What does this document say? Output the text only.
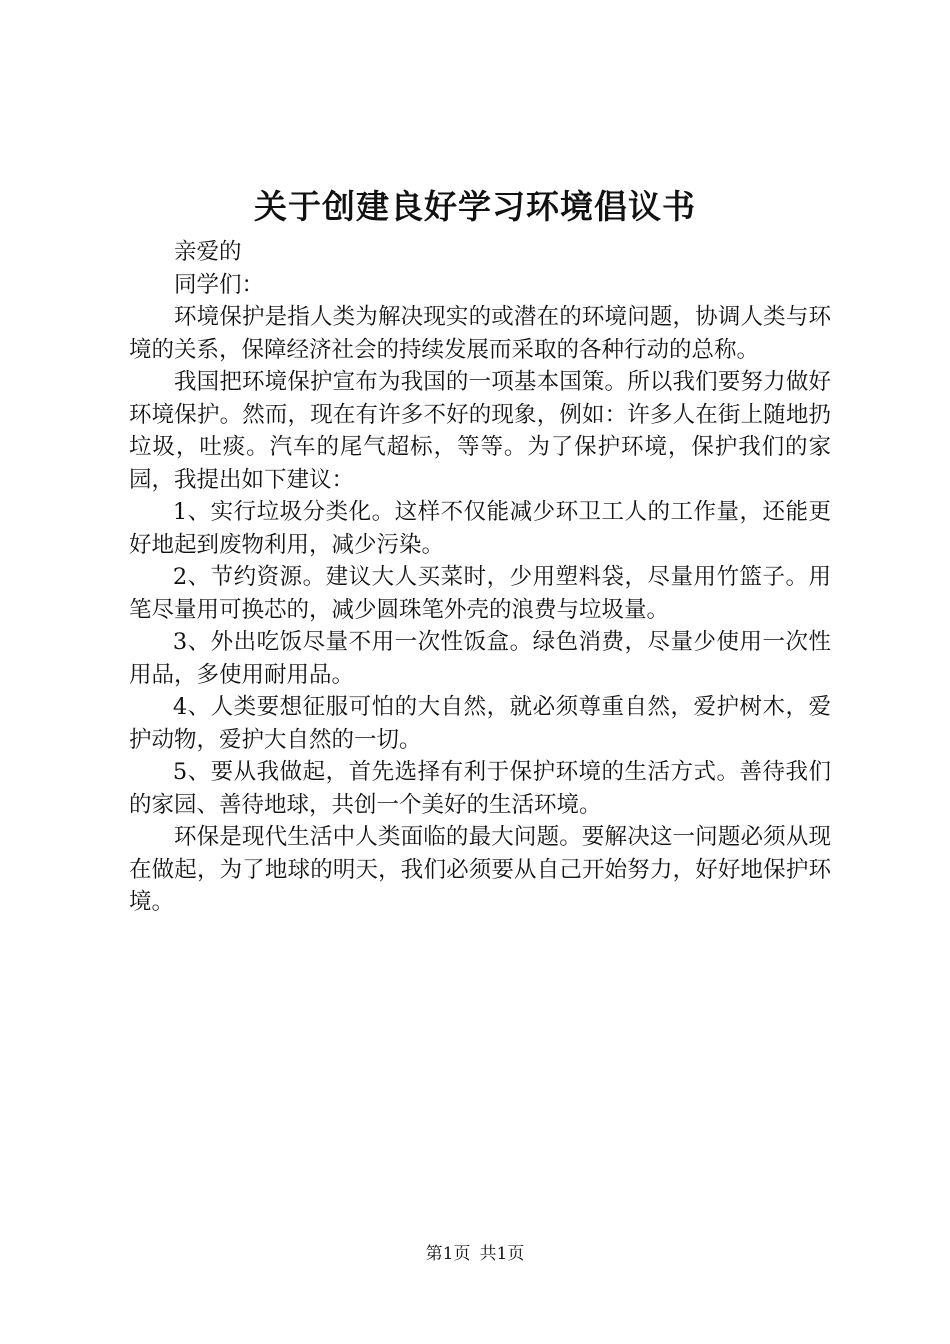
关于创建良好学习环境倡议书

亲爱的

同学们：

环境保护是指人类为解决现实的或潜在的环境问题，协调人类与环境的关系，保障经济社会的持续发展而采取的各种行动的总称。

我国把环境保护宣布为我国的一项基本国策。所以我们要努力做好环境保护。然而，现在有许多不好的现象，例如：许多人在街上随地扔垃圾，吐痰。汽车的尾气超标，等等。为了保护环境，保护我们的家园，我提出如下建议：

1、实行垃圾分类化。这样不仅能减少环卫工人的工作量，还能更好地起到废物利用，减少污染。

2、节约资源。建议大人买菜时，少用塑料袋，尽量用竹篮子。用笔尽量用可换芯的，减少圆珠笔外壳的浪费与垃圾量。

3、外出吃饭尽量不用一次性饭盒。绿色消费，尽量少使用一次性用品，多使用耐用品。

4、人类要想征服可怕的大自然，就必须尊重自然，爱护树木，爱护动物，爱护大自然的一切。

5、要从我做起，首先选择有利于保护环境的生活方式。善待我们的家园、善待地球，共创一个美好的生活环境。

环保是现代生活中人类面临的最大问题。要解决这一问题必须从现在做起，为了地球的明天，我们必须要从自己开始努力，好好地保护环境。

第1页 共1页
